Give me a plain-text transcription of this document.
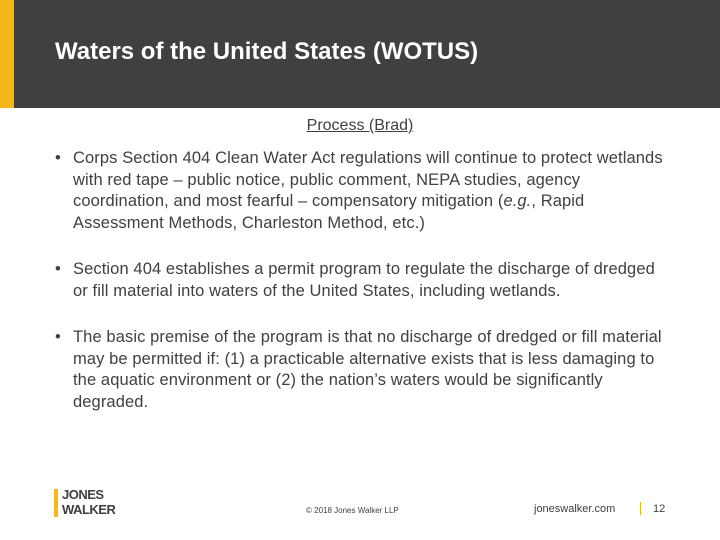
Waters of the United States (WOTUS)
Process (Brad)
• Corps Section 404 Clean Water Act regulations will continue to protect wetlands with red tape – public notice, public comment, NEPA studies, agency coordination, and most fearful – compensatory mitigation (e.g., Rapid Assessment Methods, Charleston Method, etc.)
• Section 404 establishes a permit program to regulate the discharge of dredged or fill material into waters of the United States, including wetlands.
• The basic premise of the program is that no discharge of dredged or fill material may be permitted if: (1) a practicable alternative exists that is less damaging to the aquatic environment or (2) the nation’s waters would be significantly degraded.
JONES
WALKER	© 2018 Jones Walker LLP	joneswalker.com	12
